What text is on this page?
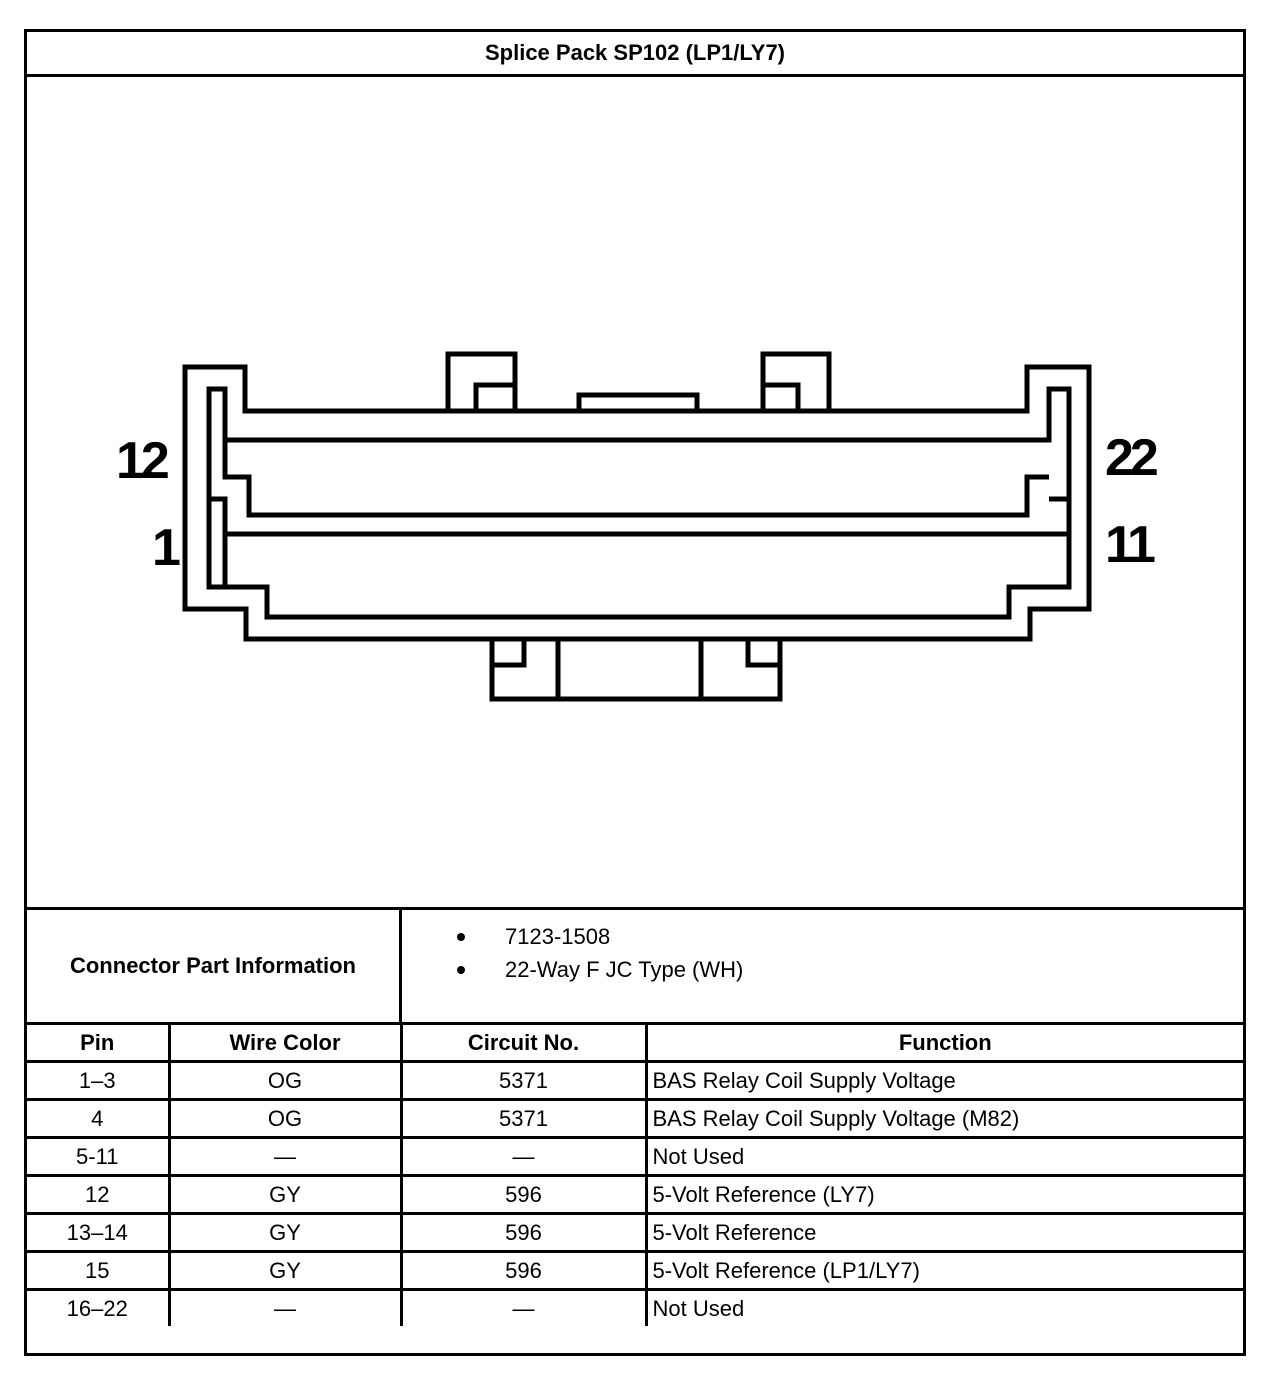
Splice Pack SP102 (LP1/LY7)
12
1
22
11
Connector Part Information
7123-1508
22-Way F JC Type (WH)
Pin	Wire Color	Circuit No.	Function
1–3	OG	5371	BAS Relay Coil Supply Voltage
4	OG	5371	BAS Relay Coil Supply Voltage (M82)
5-11	—	—	Not Used
12	GY	596	5-Volt Reference (LY7)
13–14	GY	596	5-Volt Reference
15	GY	596	5-Volt Reference (LP1/LY7)
16–22	—	—	Not Used
